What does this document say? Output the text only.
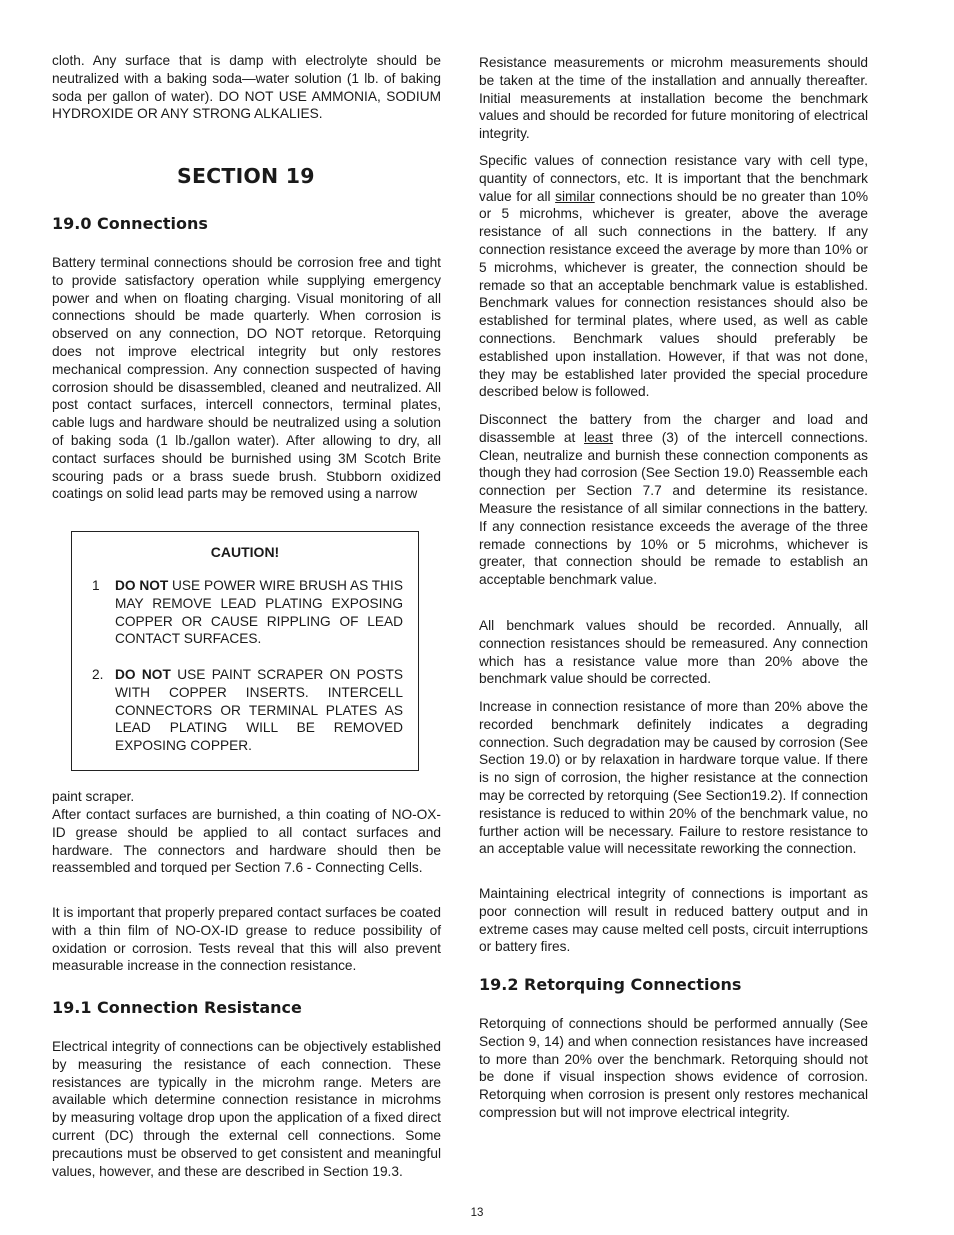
cloth. Any surface that is damp with electrolyte should be neutralized with a baking soda—water solution (1 lb. of baking soda per gallon of water). DO NOT USE AMMONIA, SODIUM HYDROXIDE OR ANY STRONG ALKALIES.

SECTION 19
19.0 Connections

Battery terminal connections should be corrosion free and tight to provide satisfactory operation while supplying emergency power and when on floating charging. Visual monitoring of all connections should be made quarterly. When corrosion is observed on any connection, DO NOT retorque. Retorquing does not improve electrical integrity but only restores mechanical compression. Any connection suspected of having corrosion should be disassembled, cleaned and neutralized. All post contact surfaces, intercell connectors, terminal plates, cable lugs and hardware should be neutralized using a solution of baking soda (1 lb./gallon water). After allowing to dry, all contact surfaces should be burnished using 3M Scotch Brite scouring pads or a brass suede brush. Stubborn oxidized coatings on solid lead parts may be removed using a narrow

CAUTION!
1 DO NOT USE POWER WIRE BRUSH AS THIS MAY REMOVE LEAD PLATING EXPOSING COPPER OR CAUSE RIPPLING OF LEAD CONTACT SURFACES.
2. DO NOT USE PAINT SCRAPER ON POSTS WITH COPPER INSERTS. INTERCELL CONNECTORS OR TERMINAL PLATES AS LEAD PLATING WILL BE REMOVED EXPOSING COPPER.

paint scraper.

After contact surfaces are burnished, a thin coating of NO-OX-ID grease should be applied to all contact surfaces and hardware. The connectors and hardware should then be reassembled and torqued per Section 7.6 - Connecting Cells.

It is important that properly prepared contact surfaces be coated with a thin film of NO-OX-ID grease to reduce possibility of oxidation or corrosion. Tests reveal that this will also prevent measurable increase in the connection resistance.

19.1 Connection Resistance

Electrical integrity of connections can be objectively established by measuring the resistance of each connection. These resistances are typically in the microhm range. Meters are available which determine connection resistance in microhms by measuring voltage drop upon the application of a fixed direct current (DC) through the external cell connections. Some precautions must be observed to get consistent and meaningful values, however, and these are described in Section 19.3.

Resistance measurements or microhm measurements should be taken at the time of the installation and annually thereafter. Initial measurements at installation become the benchmark values and should be recorded for future monitoring of electrical integrity.

Specific values of connection resistance vary with cell type, quantity of connectors, etc. It is important that the benchmark value for all similar connections should be no greater than 10% or 5 microhms, whichever is greater, above the average resistance of all such connections in the battery. If any connection resistance exceed the average by more than 10% or 5 microhms, whichever is greater, the connection should be remade so that an acceptable benchmark value is established. Benchmark values for connection resistances should also be established for terminal plates, where used, as well as cable connections. Benchmark values should preferably be established upon installation. However, if that was not done, they may be established later provided the special procedure described below is followed.

Disconnect the battery from the charger and load and disassemble at least three (3) of the intercell connections. Clean, neutralize and burnish these connection components as though they had corrosion (See Section 19.0) Reassemble each connection per Section 7.7 and determine its resistance. Measure the resistance of all similar connections in the battery. If any connection resistance exceeds the average of the three remade connections by 10% or 5 microhms, whichever is greater, that connection should be remade to establish an acceptable benchmark value.

All benchmark values should be recorded. Annually, all connection resistances should be remeasured. Any connection which has a resistance value more than 20% above the benchmark value should be corrected.

Increase in connection resistance of more than 20% above the recorded benchmark definitely indicates a degrading connection. Such degradation may be caused by corrosion (See Section 19.0) or by relaxation in hardware torque value. If there is no sign of corrosion, the higher resistance at the connection may be corrected by retorquing (See Section19.2). If connection resistance is reduced to within 20% of the benchmark value, no further action will be necessary. Failure to restore resistance to an acceptable value will necessitate reworking the connection.

Maintaining electrical integrity of connections is important as poor connection will result in reduced battery output and in extreme cases may cause melted cell posts, circuit interruptions or battery fires.

19.2 Retorquing Connections

Retorquing of connections should be performed annually (See Section 9, 14) and when connection resistances have increased to more than 20% over the benchmark. Retorquing should not be done if visual inspection shows evidence of corrosion. Retorquing when corrosion is present only restores mechanical compression but will not improve electrical integrity.

13
